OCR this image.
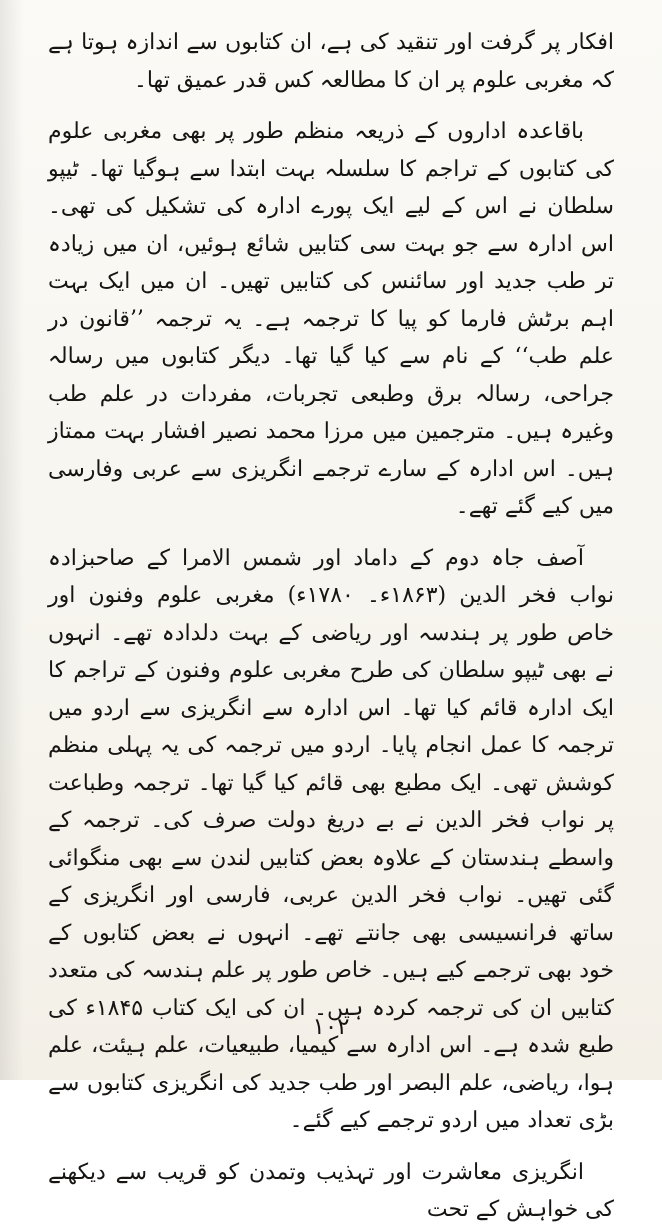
افکار پر گرفت اور تنقید کی ہے، ان کتابوں سے اندازہ ہوتا ہے کہ مغربی علوم پر ان کا مطالعہ کس قدر عمیق تھا۔

باقاعدہ اداروں کے ذریعہ منظم طور پر بھی مغربی علوم کی کتابوں کے تراجم کا سلسلہ بہت ابتدا سے ہوگیا تھا۔ ٹیپو سلطان نے اس کے لیے ایک پورے ادارہ کی تشکیل کی تھی۔ اس ادارہ سے جو بہت سی کتابیں شائع ہوئیں، ان میں زیادہ تر طب جدید اور سائنس کی کتابیں تھیں۔ ان میں ایک بہت اہم برٹش فارما کو پیا کا ترجمہ ہے۔ یہ ترجمہ ’’قانون در علم طب‘‘ کے نام سے کیا گیا تھا۔ دیگر کتابوں میں رسالہ جراحی، رسالہ برق وطبعی تجربات، مفردات در علم طب وغیرہ ہیں۔ مترجمین میں مرزا محمد نصیر افشار بہت ممتاز ہیں۔ اس ادارہ کے سارے ترجمے انگریزی سے عربی وفارسی میں کیے گئے تھے۔

آصف جاہ دوم کے داماد اور شمس الامرا کے صاحبزادہ نواب فخر الدین (۱۸۶۳ء۔ ۱۷۸۰ء) مغربی علوم وفنون اور خاص طور پر ہندسہ اور ریاضی کے بہت دلدادہ تھے۔ انہوں نے بھی ٹیپو سلطان کی طرح مغربی علوم وفنون کے تراجم کا ایک ادارہ قائم کیا تھا۔ اس ادارہ سے انگریزی سے اردو میں ترجمہ کا عمل انجام پایا۔ اردو میں ترجمہ کی یہ پہلی منظم کوشش تھی۔ ایک مطبع بھی قائم کیا گیا تھا۔ ترجمہ وطباعت پر نواب فخر الدین نے بے دریغ دولت صرف کی۔ ترجمہ کے واسطے ہندستان کے علاوہ بعض کتابیں لندن سے بھی منگوائی گئی تھیں۔ نواب فخر الدین عربی، فارسی اور انگریزی کے ساتھ فرانسیسی بھی جانتے تھے۔ انہوں نے بعض کتابوں کے خود بھی ترجمے کیے ہیں۔ خاص طور پر علم ہندسہ کی متعدد کتابیں ان کی ترجمہ کردہ ہیں۔ ان کی ایک کتاب ۱۸۴۵ء کی طبع شدہ ہے۔ اس ادارہ سے کیمیا، طبیعیات، علم ہیئت، علم ہوا، ریاضی، علم البصر اور طب جدید کی انگریزی کتابوں سے بڑی تعداد میں اردو ترجمے کیے گئے۔

انگریزی معاشرت اور تہذیب وتمدن کو قریب سے دیکھنے کی خواہش کے تحت

۱۰۲
